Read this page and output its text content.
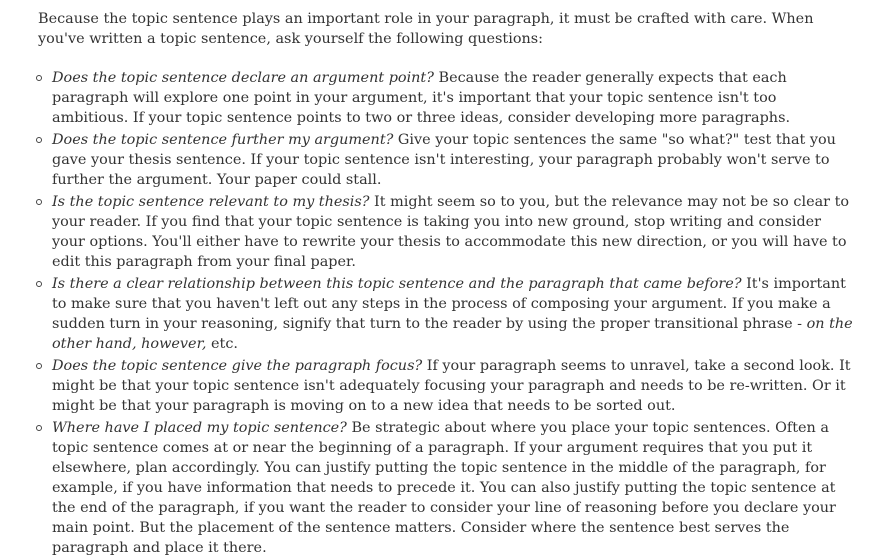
Because the topic sentence plays an important role in your paragraph, it must be crafted with care. When you've written a topic sentence, ask yourself the following questions:

Does the topic sentence declare an argument point? Because the reader generally expects that each paragraph will explore one point in your argument, it's important that your topic sentence isn't too ambitious. If your topic sentence points to two or three ideas, consider developing more paragraphs.
Does the topic sentence further my argument? Give your topic sentences the same "so what?" test that you gave your thesis sentence. If your topic sentence isn't interesting, your paragraph probably won't serve to further the argument. Your paper could stall.
Is the topic sentence relevant to my thesis? It might seem so to you, but the relevance may not be so clear to your reader. If you find that your topic sentence is taking you into new ground, stop writing and consider your options. You'll either have to rewrite your thesis to accommodate this new direction, or you will have to edit this paragraph from your final paper.
Is there a clear relationship between this topic sentence and the paragraph that came before? It's important to make sure that you haven't left out any steps in the process of composing your argument. If you make a sudden turn in your reasoning, signify that turn to the reader by using the proper transitional phrase - on the other hand, however, etc.
Does the topic sentence give the paragraph focus? If your paragraph seems to unravel, take a second look. It might be that your topic sentence isn't adequately focusing your paragraph and needs to be re-written. Or it might be that your paragraph is moving on to a new idea that needs to be sorted out.
Where have I placed my topic sentence? Be strategic about where you place your topic sentences. Often a topic sentence comes at or near the beginning of a paragraph. If your argument requires that you put it elsewhere, plan accordingly. You can justify putting the topic sentence in the middle of the paragraph, for example, if you have information that needs to precede it. You can also justify putting the topic sentence at the end of the paragraph, if you want the reader to consider your line of reasoning before you declare your main point. But the placement of the sentence matters. Consider where the sentence best serves the paragraph and place it there.
